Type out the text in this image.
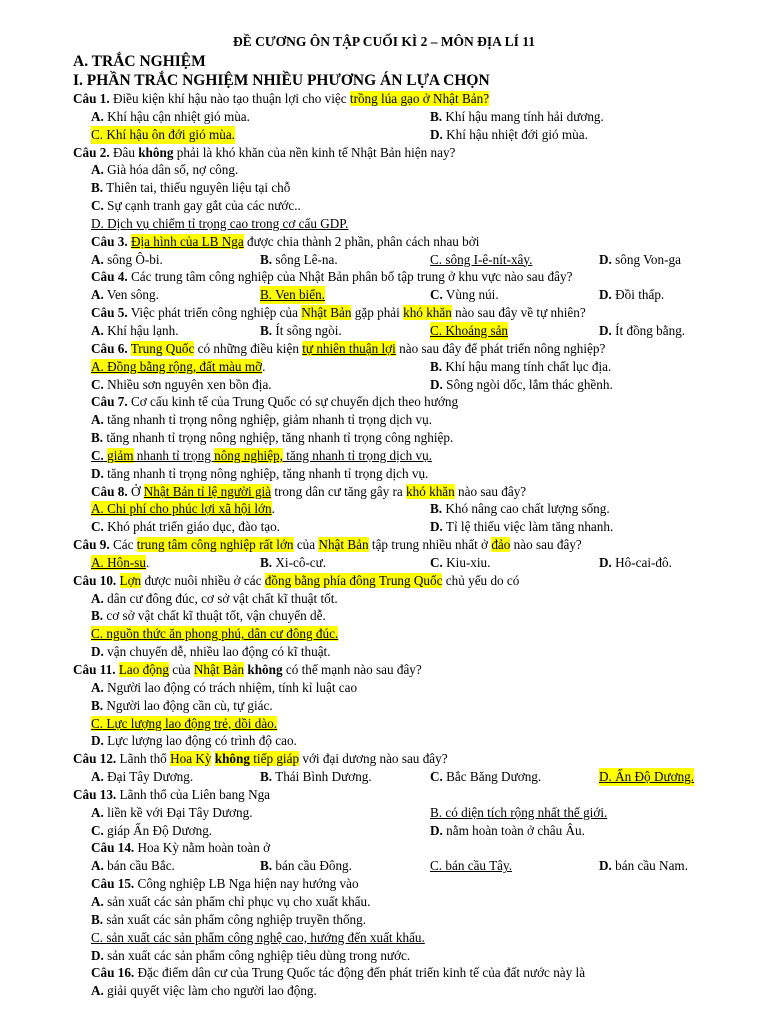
ĐỀ CƯƠNG ÔN TẬP CUỐI KÌ 2 – MÔN ĐỊA LÍ 11
A. TRẮC NGHIỆM
I. PHẦN TRẮC NGHIỆM NHIỀU PHƯƠNG ÁN LỰA CHỌN
Câu 1. Điều kiện khí hậu nào tạo thuận lợi cho việc trồng lúa gạo ở Nhật Bản?
A. Khí hậu cận nhiệt gió mùa.	B. Khí hậu mang tính hải dương.
C. Khí hậu ôn đới gió mùa.	D. Khí hậu nhiệt đới gió mùa.
Câu 2. Đâu không phải là khó khăn của nền kinh tế Nhật Bản hiện nay?
A. Già hóa dân số, nợ công.
B. Thiên tai, thiếu nguyên liệu tại chỗ
C. Sự cạnh tranh gay gắt của các nước..
D. Dịch vụ chiếm tỉ trọng cao trong cơ cấu GDP.
Câu 3. Địa hình của LB Nga được chia thành 2 phần, phân cách nhau bởi
A. sông Ô-bi.	B. sông Lê-na.	C. sông I-ê-nít-xây.	D. sông Von-ga
Câu 4. Các trung tâm công nghiệp của Nhật Bản phân bố tập trung ở khu vực nào sau đây?
A. Ven sông.	B. Ven biển.	C. Vùng núi.	D. Đồi thấp.
Câu 5. Việc phát triển công nghiệp của Nhật Bản gặp phải khó khăn nào sau đây về tự nhiên?
A. Khí hậu lạnh.	B. Ít sông ngòi.	C. Khoáng sản	D. Ít đồng bằng.
Câu 6. Trung Quốc có những điều kiện tự nhiên thuận lợi nào sau đây để phát triển nông nghiệp?
A. Đồng bằng rộng, đất màu mỡ.	B. Khí hậu mang tính chất lục địa.
C. Nhiều sơn nguyên xen bồn địa.	D. Sông ngòi dốc, lắm thác ghềnh.
Câu 7. Cơ cấu kinh tế của Trung Quốc có sự chuyển dịch theo hướng
A. tăng nhanh tỉ trọng nông nghiệp, giảm nhanh tỉ trọng dịch vụ.
B. tăng nhanh tỉ trọng nông nghiệp, tăng nhanh tỉ trọng công nghiệp.
C. giảm nhanh tỉ trọng nông nghiệp, tăng nhanh tỉ trọng dịch vụ.
D. tăng nhanh tỉ trọng nông nghiệp, tăng nhanh tỉ trọng dịch vụ.
Câu 8. Ở Nhật Bản tỉ lệ người già trong dân cư tăng gây ra khó khăn nào sau đây?
A. Chi phí cho phúc lợi xã hội lớn.	B. Khó nâng cao chất lượng sống.
C. Khó phát triển giáo dục, đào tạo.	D. Tỉ lệ thiếu việc làm tăng nhanh.
Câu 9. Các trung tâm công nghiệp rất lớn của Nhật Bản tập trung nhiều nhất ở đảo nào sau đây?
A. Hôn-su.	B. Xi-cô-cư.	C. Kiu-xiu.	D. Hô-cai-đô.
Câu 10. Lợn được nuôi nhiều ở các đồng bằng phía đông Trung Quốc chủ yếu do có
A. dân cư đông đúc, cơ sở vật chất kĩ thuật tốt.
B. cơ sở vật chất kĩ thuật tốt, vận chuyển dễ.
C. nguồn thức ăn phong phú, dân cư đông đúc.
D. vận chuyển dễ, nhiều lao động có kĩ thuật.
Câu 11. Lao động của Nhật Bản không có thế mạnh nào sau đây?
A. Người lao động có trách nhiệm, tính kỉ luật cao
B. Người lao động cần cù, tự giác.
C. Lực lượng lao động trẻ, dồi dào.
D. Lực lượng lao động có trình độ cao.
Câu 12. Lãnh thổ Hoa Kỳ không tiếp giáp với đại dương nào sau đây?
A. Đại Tây Dương.	B. Thái Bình Dương.	C. Bắc Băng Dương.	D. Ấn Độ Dương.
Câu 13. Lãnh thổ của Liên bang Nga
A. liền kề với Đại Tây Dương.	B. có diện tích rộng nhất thế giới.
C. giáp Ấn Độ Dương.	D. nằm hoàn toàn ở châu Âu.
Câu 14. Hoa Kỳ nằm hoàn toàn ở
A. bán cầu Bắc.	B. bán cầu Đông.	C. bán cầu Tây.	D. bán cầu Nam.
Câu 15. Công nghiệp LB Nga hiện nay hướng vào
A. sản xuất các sản phẩm chỉ phục vụ cho xuất khẩu.
B. sản xuất các sản phẩm công nghiệp truyền thống.
C. sản xuất các sản phẩm công nghệ cao, hướng đến xuất khẩu.
D. sản xuất các sản phẩm công nghiệp tiêu dùng trong nước.
Câu 16. Đặc điểm dân cư của Trung Quốc tác động đến phát triển kinh tế của đất nước này là
A. giải quyết việc làm cho người lao động.
